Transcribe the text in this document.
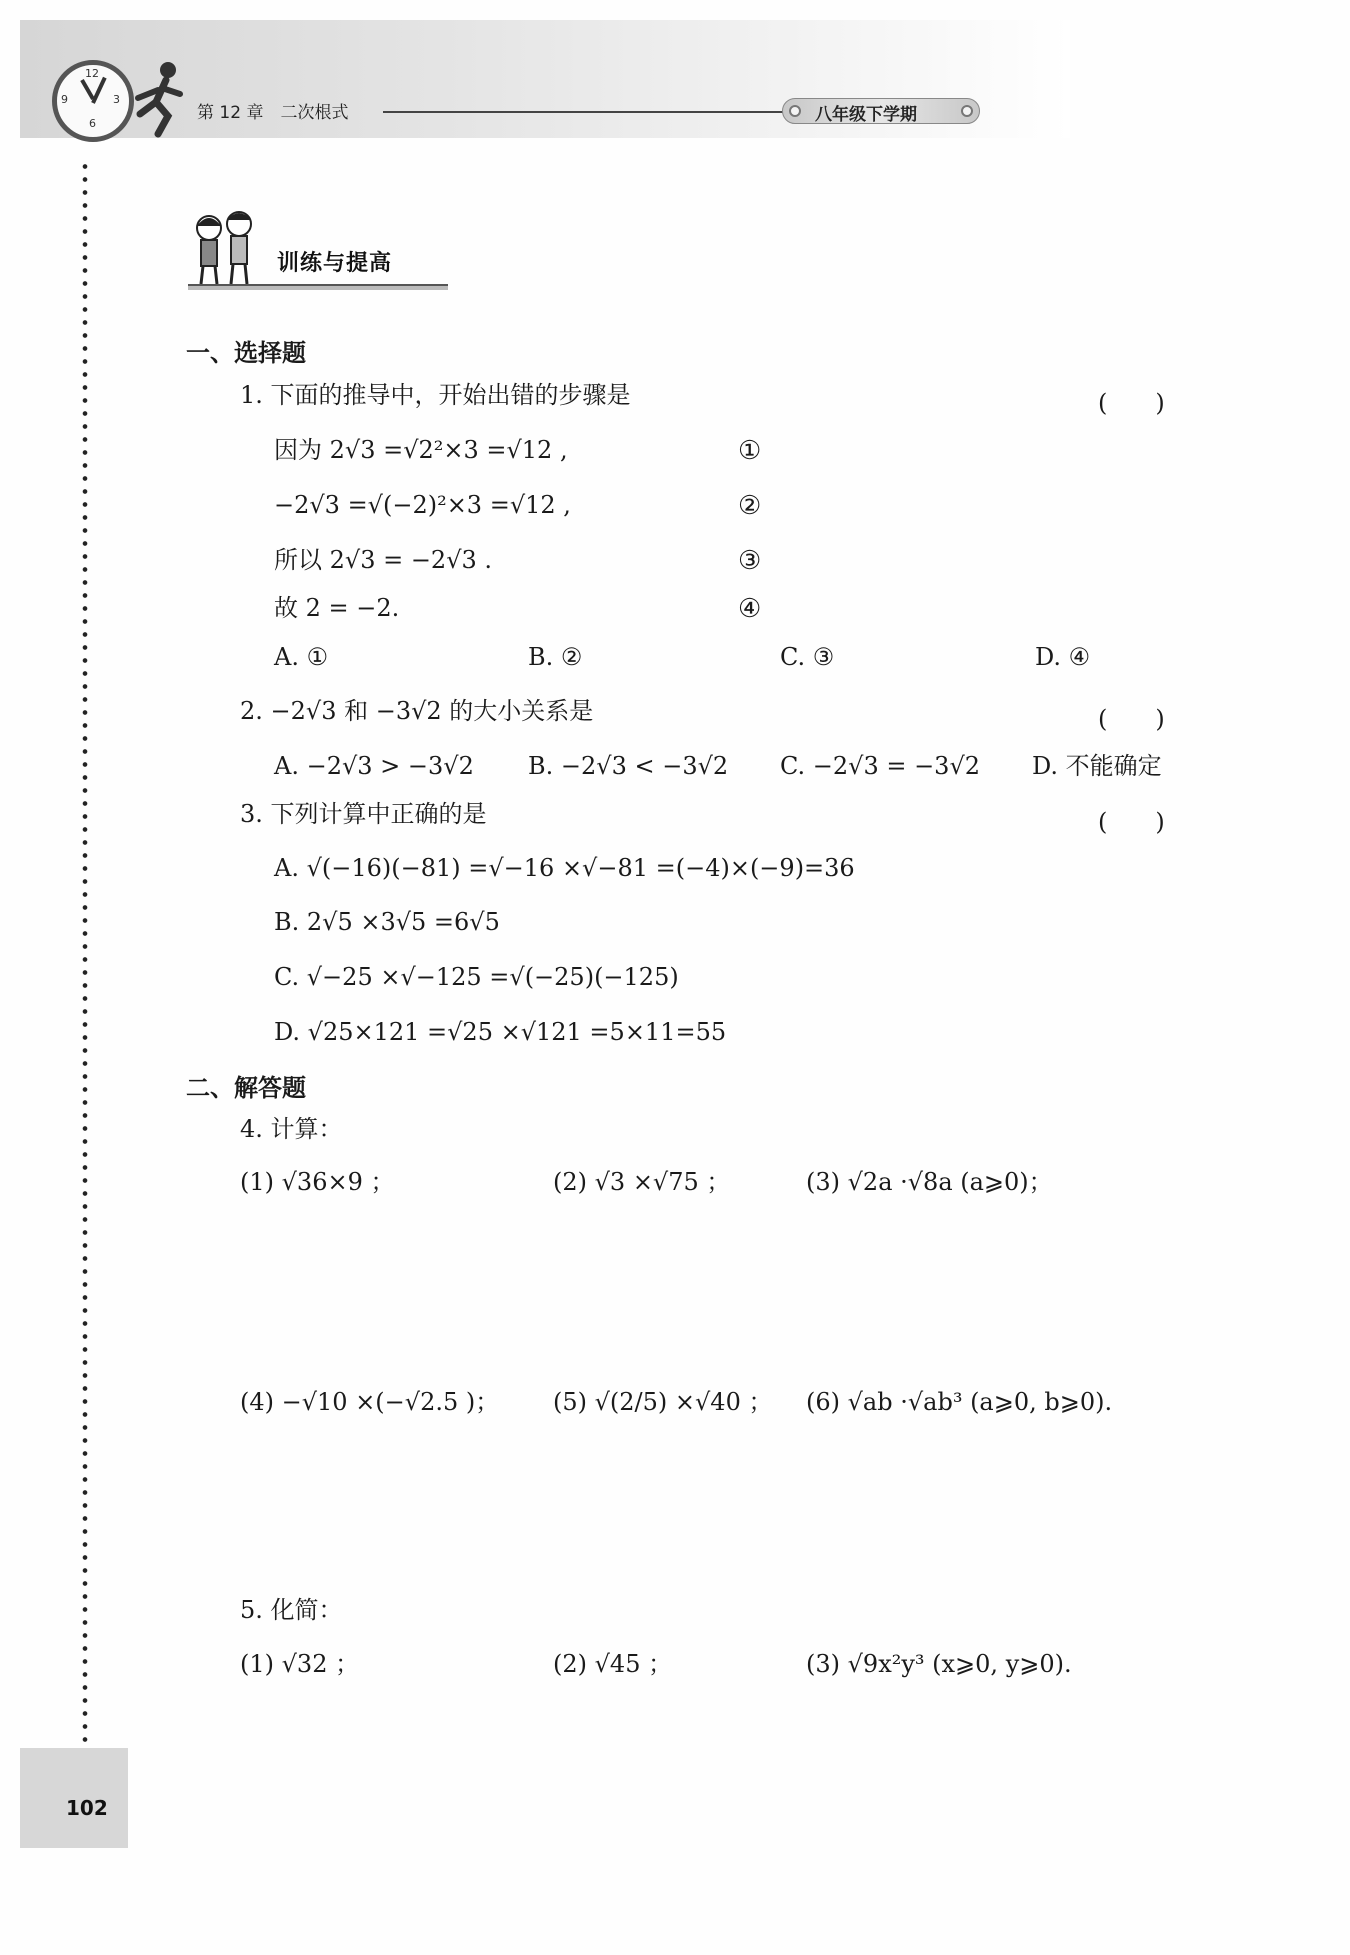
12
3
6
9
第 12 章　二次根式	八年级下学期
训练与提高
一、选择题
1. 下面的推导中，开始出错的步骤是	(　　)
因为 2√3 =√2²×3 =√12 ,	①
−2√3 =√(−2)²×3 =√12 ,	②
所以 2√3 = −2√3 .	③
故 2 = −2.	④
A. ①	B. ②	C. ③	D. ④
2. −2√3 和 −3√2 的大小关系是	(　　)
A. −2√3 > −3√2 B. −2√3 < −3√2 C. −2√3 = −3√2 D. 不能确定
3. 下列计算中正确的是	(　　)
A. √(−16)(−81) =√−16 ×√−81 =(−4)×(−9)=36
B. 2√5 ×3√5 =6√5
C. √−25 ×√−125 =√(−25)(−125)
D. √25×121 =√25 ×√121 =5×11=55
二、解答题
4. 计算：
(1) √36×9 ；	(2) √3 ×√75 ；	(3) √2a ·√8a (a⩾0)；
(4) −√10 ×(−√2.5 )； (5) √(2/5) ×√40 ； (6) √ab ·√ab³ (a⩾0, b⩾0).
5. 化简：
(1) √32 ；	(2) √45 ；	(3) √9x²y³ (x⩾0, y⩾0).
102
